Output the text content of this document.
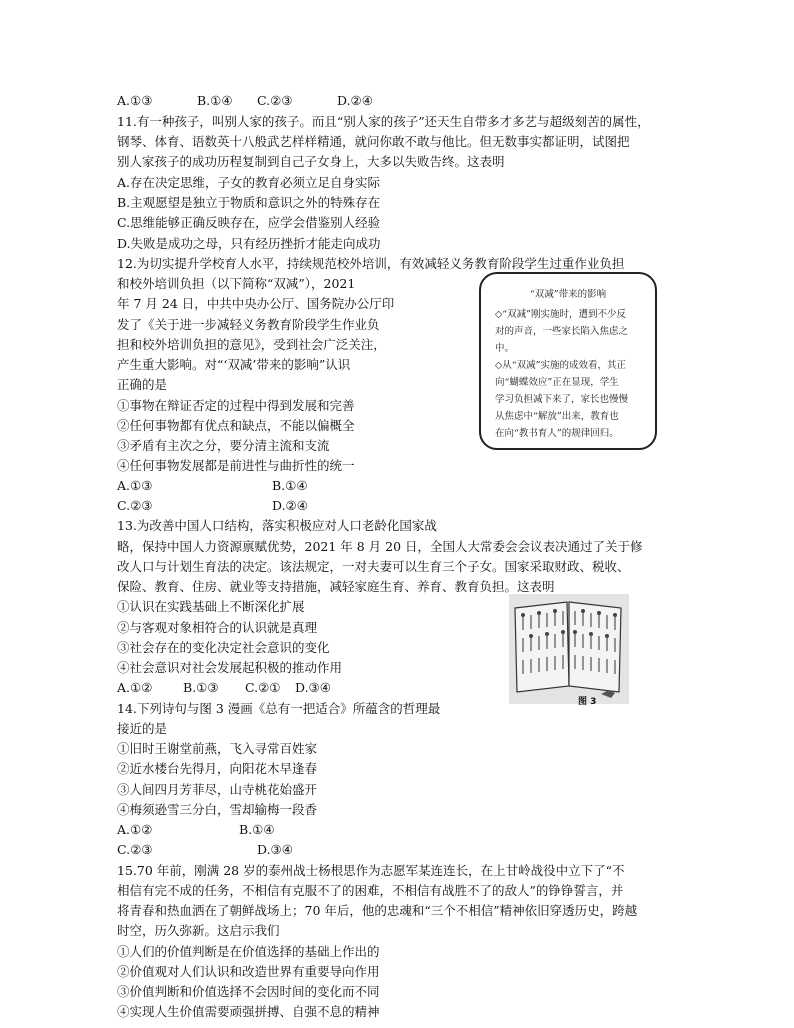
A.①③	B.①④ C.②③	D.②④
11.有一种孩子，叫别人家的孩子。而且“别人家的孩子”还天生自带多才多艺与超级刻苦的属性，
钢琴、体育、语数英十八般武艺样样精通，就问你敢不敢与他比。但无数事实都证明，试图把
别人家孩子的成功历程复制到自己子女身上，大多以失败告终。这表明
A.存在决定思维，子女的教育必须立足自身实际
B.主观愿望是独立于物质和意识之外的特殊存在
C.思维能够正确反映存在，应学会借鉴别人经验
D.失败是成功之母，只有经历挫折才能走向成功
12.为切实提升学校育人水平，持续规范校外培训，有效减轻义务教育阶段学生过重作业负担
和校外培训负担（以下简称“双减”），2021
年 7 月 24 日，中共中央办公厅、国务院办公厅印
发了《关于进一步减轻义务教育阶段学生作业负
担和校外培训负担的意见》，受到社会广泛关注，
产生重大影响。对“‘双减’带来的影响”认识
正确的是
①事物在辩证否定的过程中得到发展和完善
②任何事物都有优点和缺点，不能以偏概全
③矛盾有主次之分，要分清主流和支流
④任何事物发展都是前进性与曲折性的统一
A.①③	B.①④
C.②③	D.②④
“双减”带来的影响

◇“双减”刚实施时，遭到不少反

对的声音，一些家长陷入焦虑之

中。

◇从“双减”实施的成效看，其正

向“蝴蝶效应”正在显现，学生

学习负担减下来了，家长也慢慢

从焦虑中“解放”出来，教育也

在向“教书育人”的规律回归。

13.为改善中国人口结构，落实积极应对人口老龄化国家战
略，保持中国人力资源禀赋优势，2021 年 8 月 20 日，全国人大常委会会议表决通过了关于修
改人口与计划生育法的决定。该法规定，一对夫妻可以生育三个子女。国家采取财政、税收、
保险、教育、住房、就业等支持措施，减轻家庭生育、养育、教育负担。这表明
①认识在实践基础上不断深化扩展
②与客观对象相符合的认识就是真理
③社会存在的变化决定社会意识的变化
④社会意识对社会发展起积极的推动作用
A.①② B.①③ C.②① D.③④
14.下列诗句与图 3 漫画《总有一把适合》所蕴含的哲理最
接近的是
①旧时王谢堂前燕，飞入寻常百姓家
②近水楼台先得月，向阳花木早逢春
③人间四月芳菲尽，山寺桃花始盛开
④梅须逊雪三分白，雪却输梅一段香
A.①②	B.①④
C.②③	D.③④
图 3
15.70 年前，刚满 28 岁的泰州战士杨根思作为志愿军某连连长，在上甘岭战役中立下了“不
相信有完不成的任务，不相信有克服不了的困难，不相信有战胜不了的敌人”的铮铮誓言，并
将青春和热血洒在了朝鲜战场上；70 年后，他的忠魂和“三个不相信”精神依旧穿透历史，跨越
时空，历久弥新。这启示我们
①人们的价值判断是在价值选择的基础上作出的
②价值观对人们认识和改造世界有重要导向作用
③价值判断和价值选择不会因时间的变化而不同
④实现人生价值需要顽强拼搏、自强不息的精神
